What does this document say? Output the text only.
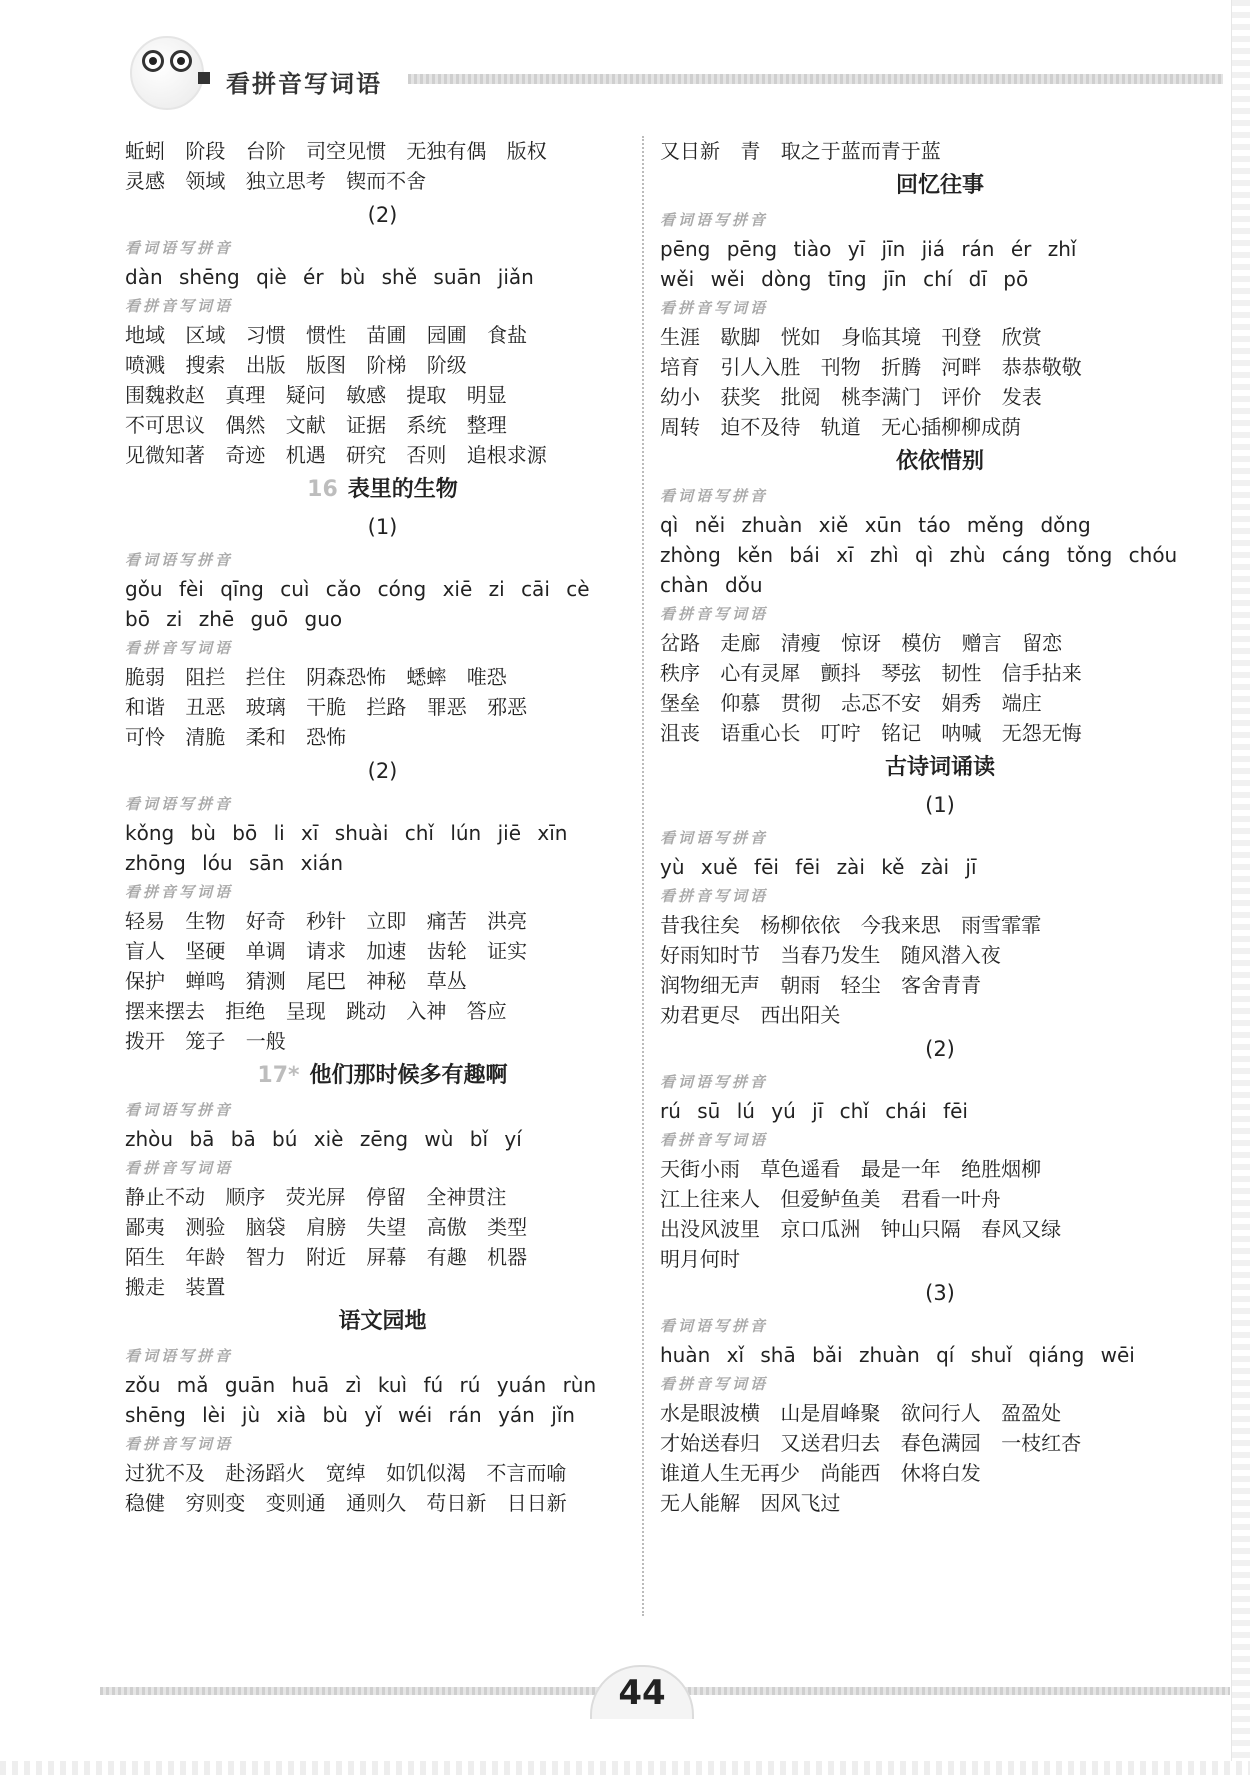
看拼音写词语
蚯蚓 阶段 台阶 司空见惯 无独有偶 版权
灵感 领域 独立思考 锲而不舍
(2)
看词语写拼音
dàn shēng qiè ér bù shě suān jiǎn
看拼音写词语
地域 区域 习惯 惯性 苗圃 园圃 食盐
喷溅 搜索 出版 版图 阶梯 阶级
围魏救赵 真理 疑问 敏感 提取 明显
不可思议 偶然 文献 证据 系统 整理
见微知著 奇迹 机遇 研究 否则 追根求源
16 表里的生物
(1)
看词语写拼音
gǒu fèi qīng cuì cǎo cóng xiē zi cāi cè
bō zi zhē guō guo
看拼音写词语
脆弱 阻拦 拦住 阴森恐怖 蟋蟀 唯恐
和谐 丑恶 玻璃 干脆 拦路 罪恶 邪恶
可怜 清脆 柔和 恐怖
(2)
看词语写拼音
kǒng bù bō li xī shuài chǐ lún jiē xīn
zhōng lóu sān xián
看拼音写词语
轻易 生物 好奇 秒针 立即 痛苦 洪亮
盲人 坚硬 单调 请求 加速 齿轮 证实
保护 蝉鸣 猜测 尾巴 神秘 草丛
摆来摆去 拒绝 呈现 跳动 入神 答应
拨开 笼子 一般
17* 他们那时候多有趣啊
看词语写拼音
zhòu bā bā bú xiè zēng wù bǐ yí
看拼音写词语
静止不动 顺序 荧光屏 停留 全神贯注
鄙夷 测验 脑袋 肩膀 失望 高傲 类型
陌生 年龄 智力 附近 屏幕 有趣 机器
搬走 装置
语文园地
看词语写拼音
zǒu mǎ guān huā zì kuì fú rú yuán rùn
shēng lèi jù xià bù yǐ wéi rán yán jǐn
看拼音写词语
过犹不及 赴汤蹈火 宽绰 如饥似渴 不言而喻
稳健 穷则变 变则通 通则久 苟日新 日日新
又日新 青 取之于蓝而青于蓝
回忆往事
看词语写拼音
pēng pēng tiào yī jīn jiá rán ér zhǐ
wěi wěi dòng tīng jīn chí dī pō
看拼音写词语
生涯 歇脚 恍如 身临其境 刊登 欣赏
培育 引人入胜 刊物 折腾 河畔 恭恭敬敬
幼小 获奖 批阅 桃李满门 评价 发表
周转 迫不及待 轨道 无心插柳柳成荫
依依惜别
看词语写拼音
qì něi zhuàn xiě xūn táo měng dǒng
zhòng kěn bái xī zhì qì zhù cáng tǒng chóu
chàn dǒu
看拼音写词语
岔路 走廊 清瘦 惊讶 模仿 赠言 留恋
秩序 心有灵犀 颤抖 琴弦 韧性 信手拈来
堡垒 仰慕 贯彻 忐忑不安 娟秀 端庄
沮丧 语重心长 叮咛 铭记 呐喊 无怨无悔
古诗词诵读
(1)
看词语写拼音
yù xuě fēi fēi zài kě zài jī
看拼音写词语
昔我往矣 杨柳依依 今我来思 雨雪霏霏
好雨知时节 当春乃发生 随风潜入夜
润物细无声 朝雨 轻尘 客舍青青
劝君更尽 西出阳关
(2)
看词语写拼音
rú sū lú yú jī chǐ chái fēi
看拼音写词语
天街小雨 草色遥看 最是一年 绝胜烟柳
江上往来人 但爱鲈鱼美 君看一叶舟
出没风波里 京口瓜洲 钟山只隔 春风又绿
明月何时
(3)
看词语写拼音
huàn xǐ shā bǎi zhuàn qí shuǐ qiáng wēi
看拼音写词语
水是眼波横 山是眉峰聚 欲问行人 盈盈处
才始送春归 又送君归去 春色满园 一枝红杏
谁道人生无再少 尚能西 休将白发
无人能解 因风飞过
44
